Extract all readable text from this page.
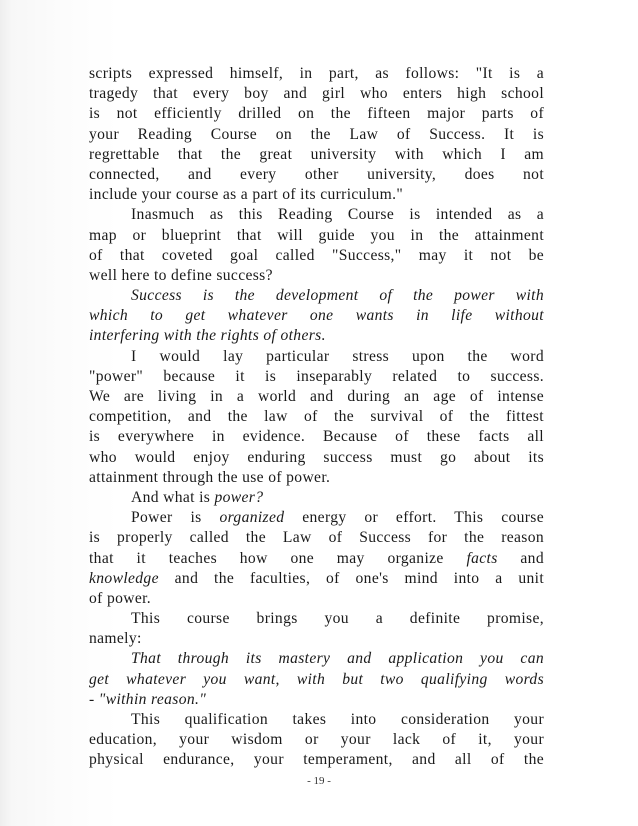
scripts expressed himself, in part, as follows: "It is a
tragedy that every boy and girl who enters high school
is not efficiently drilled on the fifteen major parts of
your Reading Course on the Law of Success. It is
regrettable that the great university with which I am
connected, and every other university, does not
include your course as a part of its curriculum."
Inasmuch as this Reading Course is intended as a
map or blueprint that will guide you in the attainment
of that coveted goal called "Success," may it not be
well here to define success?
Success is the development of the power with
which to get whatever one wants in life without
interfering with the rights of others.
I would lay particular stress upon the word
"power" because it is inseparably related to success.
We are living in a world and during an age of intense
competition, and the law of the survival of the fittest
is everywhere in evidence. Because of these facts all
who would enjoy enduring success must go about its
attainment through the use of power.
And what is power?
Power is organized energy or effort. This course
is properly called the Law of Success for the reason
that it teaches how one may organize facts and
knowledge and the faculties, of one's mind into a unit
of power.
This course brings you a definite promise,
namely:
That through its mastery and application you can
get whatever you want, with but two qualifying words
- "within reason."
This qualification takes into consideration your
education, your wisdom or your lack of it, your
physical endurance, your temperament, and all of the
- 19 -
